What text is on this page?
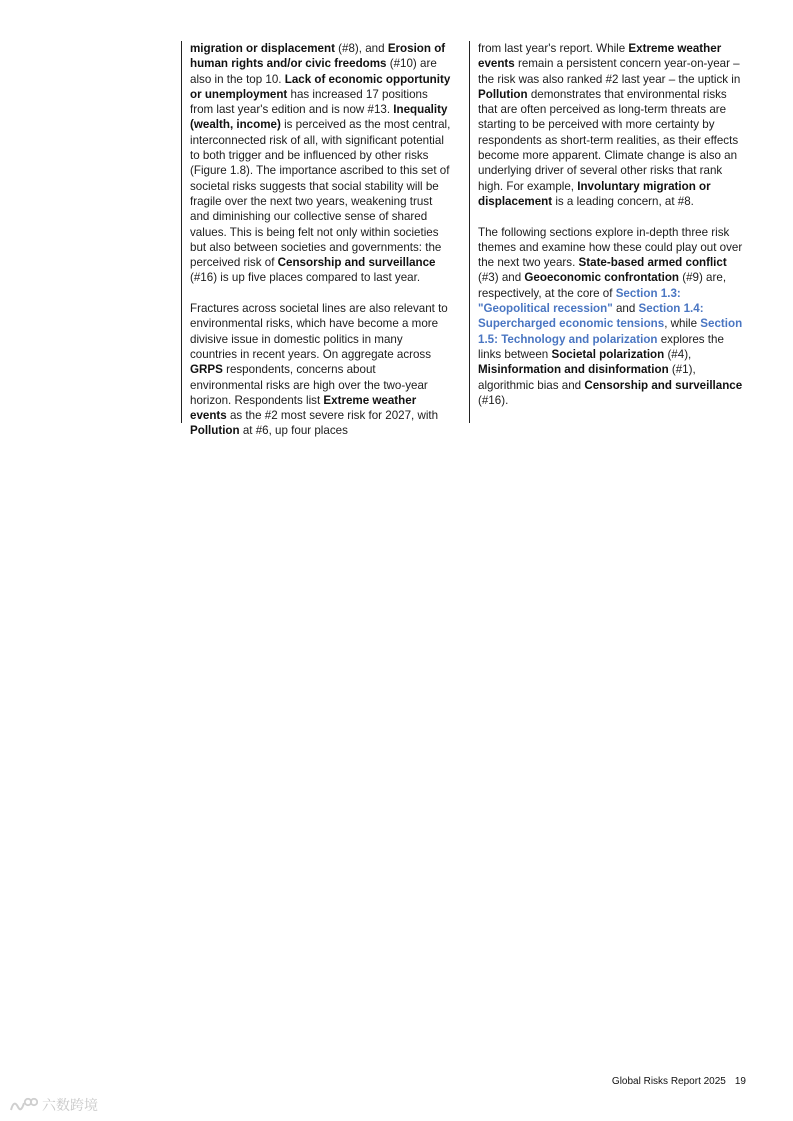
migration or displacement (#8), and Erosion of human rights and/or civic freedoms (#10) are also in the top 10. Lack of economic opportunity or unemployment has increased 17 positions from last year's edition and is now #13. Inequality (wealth, income) is perceived as the most central, interconnected risk of all, with significant potential to both trigger and be influenced by other risks (Figure 1.8). The importance ascribed to this set of societal risks suggests that social stability will be fragile over the next two years, weakening trust and diminishing our collective sense of shared values. This is being felt not only within societies but also between societies and governments: the perceived risk of Censorship and surveillance (#16) is up five places compared to last year.

Fractures across societal lines are also relevant to environmental risks, which have become a more divisive issue in domestic politics in many countries in recent years. On aggregate across GRPS respondents, concerns about environmental risks are high over the two-year horizon. Respondents list Extreme weather events as the #2 most severe risk for 2027, with Pollution at #6, up four places

from last year's report. While Extreme weather events remain a persistent concern year-on-year – the risk was also ranked #2 last year – the uptick in Pollution demonstrates that environmental risks that are often perceived as long-term threats are starting to be perceived with more certainty by respondents as short-term realities, as their effects become more apparent. Climate change is also an underlying driver of several other risks that rank high. For example, Involuntary migration or displacement is a leading concern, at #8.

The following sections explore in-depth three risk themes and examine how these could play out over the next two years. State-based armed conflict (#3) and Geoeconomic confrontation (#9) are, respectively, at the core of Section 1.3: "Geopolitical recession" and Section 1.4: Supercharged economic tensions, while Section 1.5: Technology and polarization explores the links between Societal polarization (#4), Misinformation and disinformation (#1), algorithmic bias and Censorship and surveillance (#16).

Global Risks Report 2025 19
六数跨境
